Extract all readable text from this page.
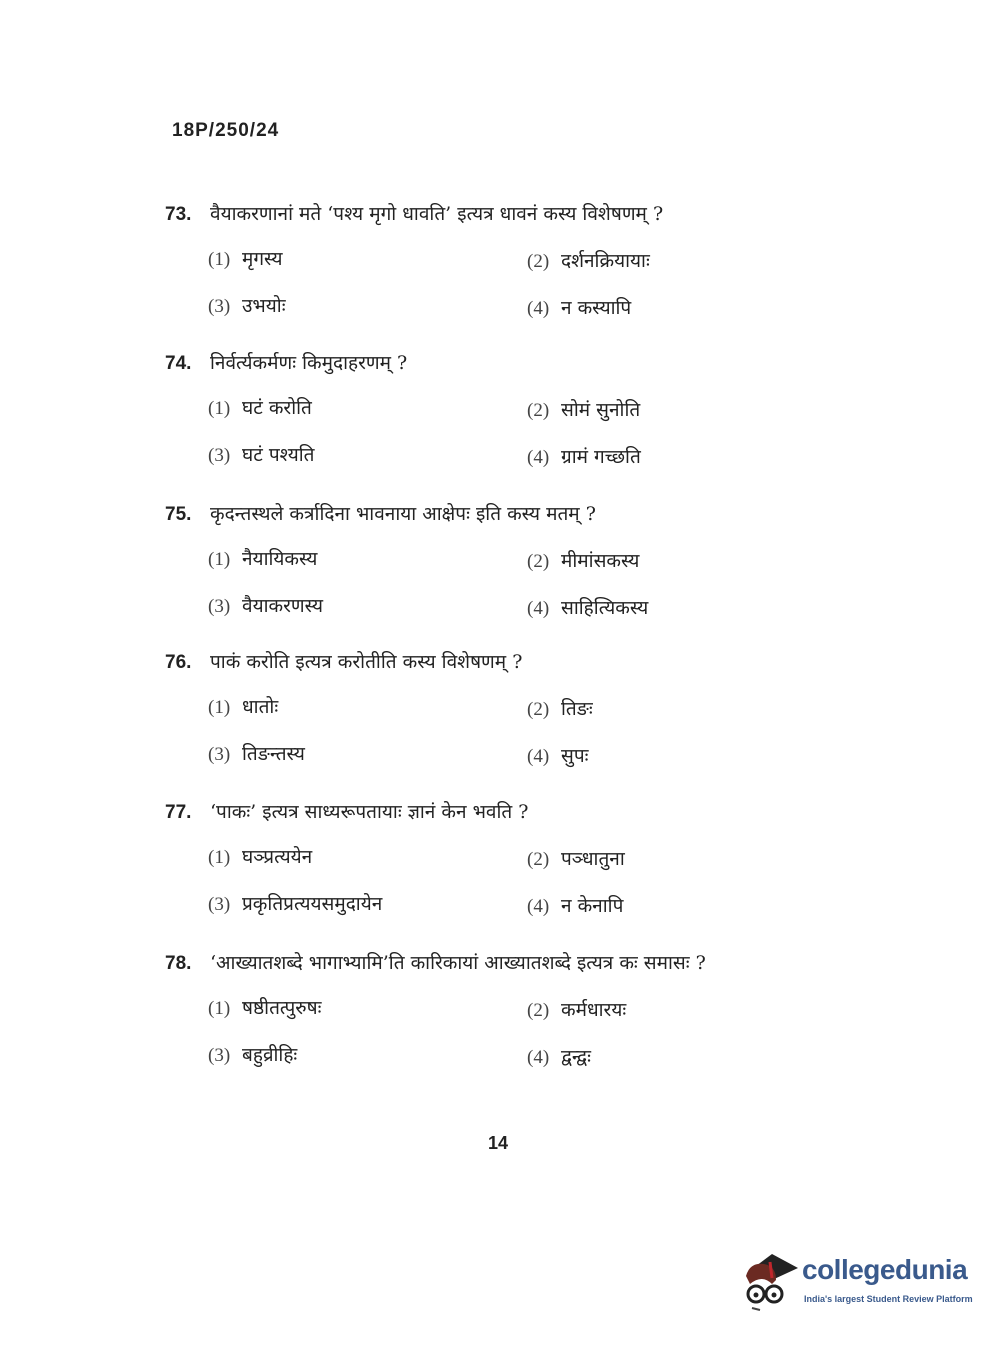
18P/250/24
73. वैयाकरणानां मते ‘पश्य मृगो धावति’ इत्यत्र धावनं कस्य विशेषणम् ?
(1) मृगस्य	(2) दर्शनक्रियायाः
(3) उभयोः	(4) न कस्यापि
74. निर्वर्त्यकर्मणः किमुदाहरणम् ?
(1) घटं करोति	(2) सोमं सुनोति
(3) घटं पश्यति	(4) ग्रामं गच्छति
75. कृदन्तस्थले कर्त्रादिना भावनाया आक्षेपः इति कस्य मतम् ?
(1) नैयायिकस्य	(2) मीमांसकस्य
(3) वैयाकरणस्य	(4) साहित्यिकस्य
76. पाकं करोति इत्यत्र करोतीति कस्य विशेषणम् ?
(1) धातोः	(2) तिङः
(3) तिङन्तस्य	(4) सुपः
77. ‘पाकः’ इत्यत्र साध्यरूपतायाः ज्ञानं केन भवति ?
(1) घञ्प्रत्ययेन	(2) पञ्धातुना
(3) प्रकृतिप्रत्ययसमुदायेन	(4) न केनापि
78. ‘आख्यातशब्दे भागाभ्यामि’ति कारिकायां आख्यातशब्दे इत्यत्र कः समासः ?
(1) षष्ठीतत्पुरुषः	(2) कर्मधारयः
(3) बहुव्रीहिः	(4) द्वन्द्वः
14
collegedunia
India's largest Student Review Platform
